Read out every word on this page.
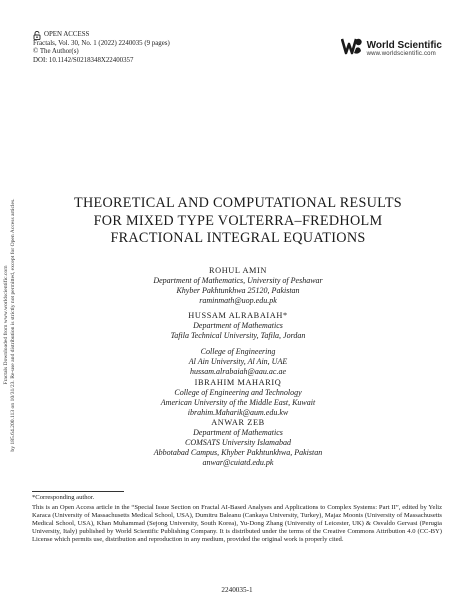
OPEN ACCESS
Fractals, Vol. 30, No. 1 (2022) 2240035 (9 pages)
© The Author(s)
DOI: 10.1142/S0218348X22400357
World Scientific
www.worldscientific.com
Fractals Downloaded from www.worldscientific.com by 185.64.200.113 on 10/31/23. Re-use and distribution is strictly not permitted, except for Open Access articles.	THEORETICAL AND COMPUTATIONAL RESULTS
FOR MIXED TYPE VOLTERRA–FREDHOLM
FRACTIONAL INTEGRAL EQUATIONS
ROHUL AMIN
Department of Mathematics, University of Peshawar
Khyber Pakhtunkhwa 25120, Pakistan
raminmath@uop.edu.pk
HUSSAM ALRABAIAH*
Department of Mathematics
Tafila Technical University, Tafila, Jordan
College of Engineering
Al Ain University, Al Ain, UAE
hussam.alrabaiah@aau.ac.ae
IBRAHIM MAHARIQ
College of Engineering and Technology
American University of the Middle East, Kuwait
ibrahim.Maharik@aum.edu.kw
ANWAR ZEB
Department of Mathematics
COMSATS University Islamabad
Abbotabad Campus, Khyber Pakhtunkhwa, Pakistan
anwar@cuiatd.edu.pk
*Corresponding author.
This is an Open Access article in the “Special Issue Section on Fractal AI-Based Analyses and Applications to Complex Systems: Part II”, edited by Yeliz Karaca (University of Massachusetts Medical School, USA), Dumitru Baleanu (Cankaya University, Turkey), Majaz Moonis (University of Massachusetts Medical School, USA), Khan Muhammad (Sejong University, South Korea), Yu-Dong Zhang (University of Leicester, UK) & Osvaldo Gervasi (Perugia University, Italy) published by World Scientific Publishing Company. It is distributed under the terms of the Creative Commons Attribution 4.0 (CC-BY) License which permits use, distribution and reproduction in any medium, provided the original work is properly cited.
2240035-1
